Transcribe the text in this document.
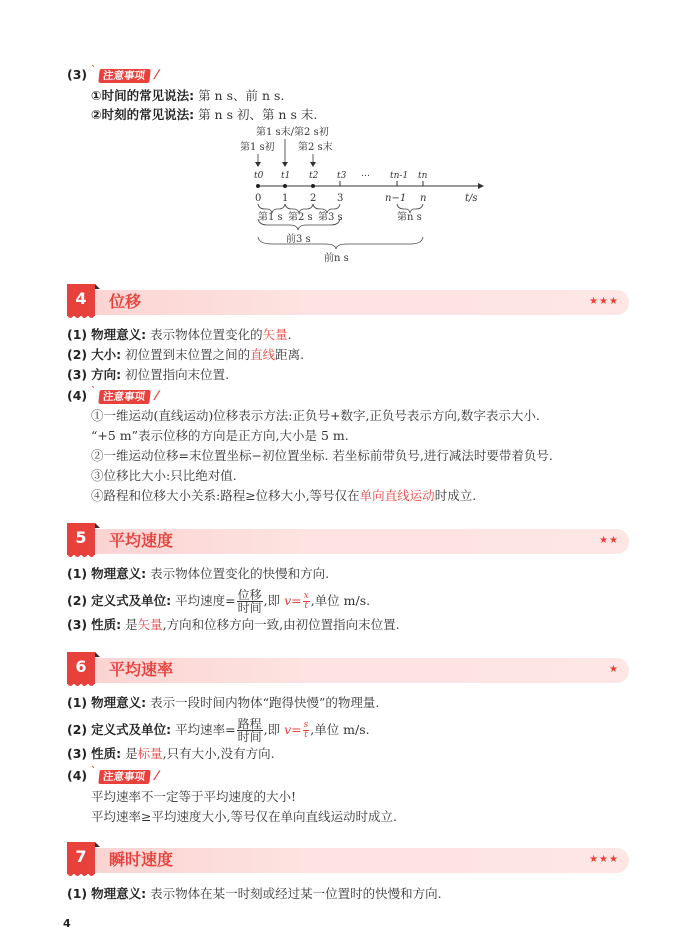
(3) ˋ 注意事项 /
①时间的常见说法: 第 n s、前 n s.
②时刻的常见说法: 第 n s 初、第 n s 末.
第1 s末/第2 s初
第1 s初 第2 s末
t0 t1 t2 t3 … tn-1 tn
0 1 2 3	n−1 n	t/s
第1 s 第2 s 第3 s	第n s
前3 s
前n s
4	位移	★★★
(1) 物理意义: 表示物体位置变化的矢量.
(2) 大小: 初位置到末位置之间的直线距离.
(3) 方向: 初位置指向末位置.
(4) ˋ 注意事项 /
①一维运动(直线运动)位移表示方法:正负号+数字,正负号表示方向,数字表示大小.
“+5 m”表示位移的方向是正方向,大小是 5 m.
②一维运动位移=末位置坐标−初位置坐标. 若坐标前带负号,进行减法时要带着负号.
③位移比大小:只比绝对值.
④路程和位移大小关系:路程≥位移大小,等号仅在单向直线运动时成立.
5	平均速度	★★
(1) 物理意义: 表示物体位置变化的快慢和方向.
(2) 定义式及单位: 平均速度= $\frac{\text{位移}}{\text{时间}}$ ,即 $v= \frac{x}{t}$ ,单位 m/s.
(3) 性质: 是矢量,方向和位移方向一致,由初位置指向末位置.
6	平均速率	★
(1) 物理意义: 表示一段时间内物体“跑得快慢”的物理量.
(2) 定义式及单位: 平均速率= $\frac{\text{路程}}{\text{时间}}$ ,即 $v= \frac{s}{t}$ ,单位 m/s.
(3) 性质: 是标量,只有大小,没有方向.
(4) ˋ 注意事项 /
平均速率不一定等于平均速度的大小!
平均速率≥平均速度大小,等号仅在单向直线运动时成立.
7	瞬时速度	★★★
(1) 物理意义: 表示物体在某一时刻或经过某一位置时的快慢和方向.
4
